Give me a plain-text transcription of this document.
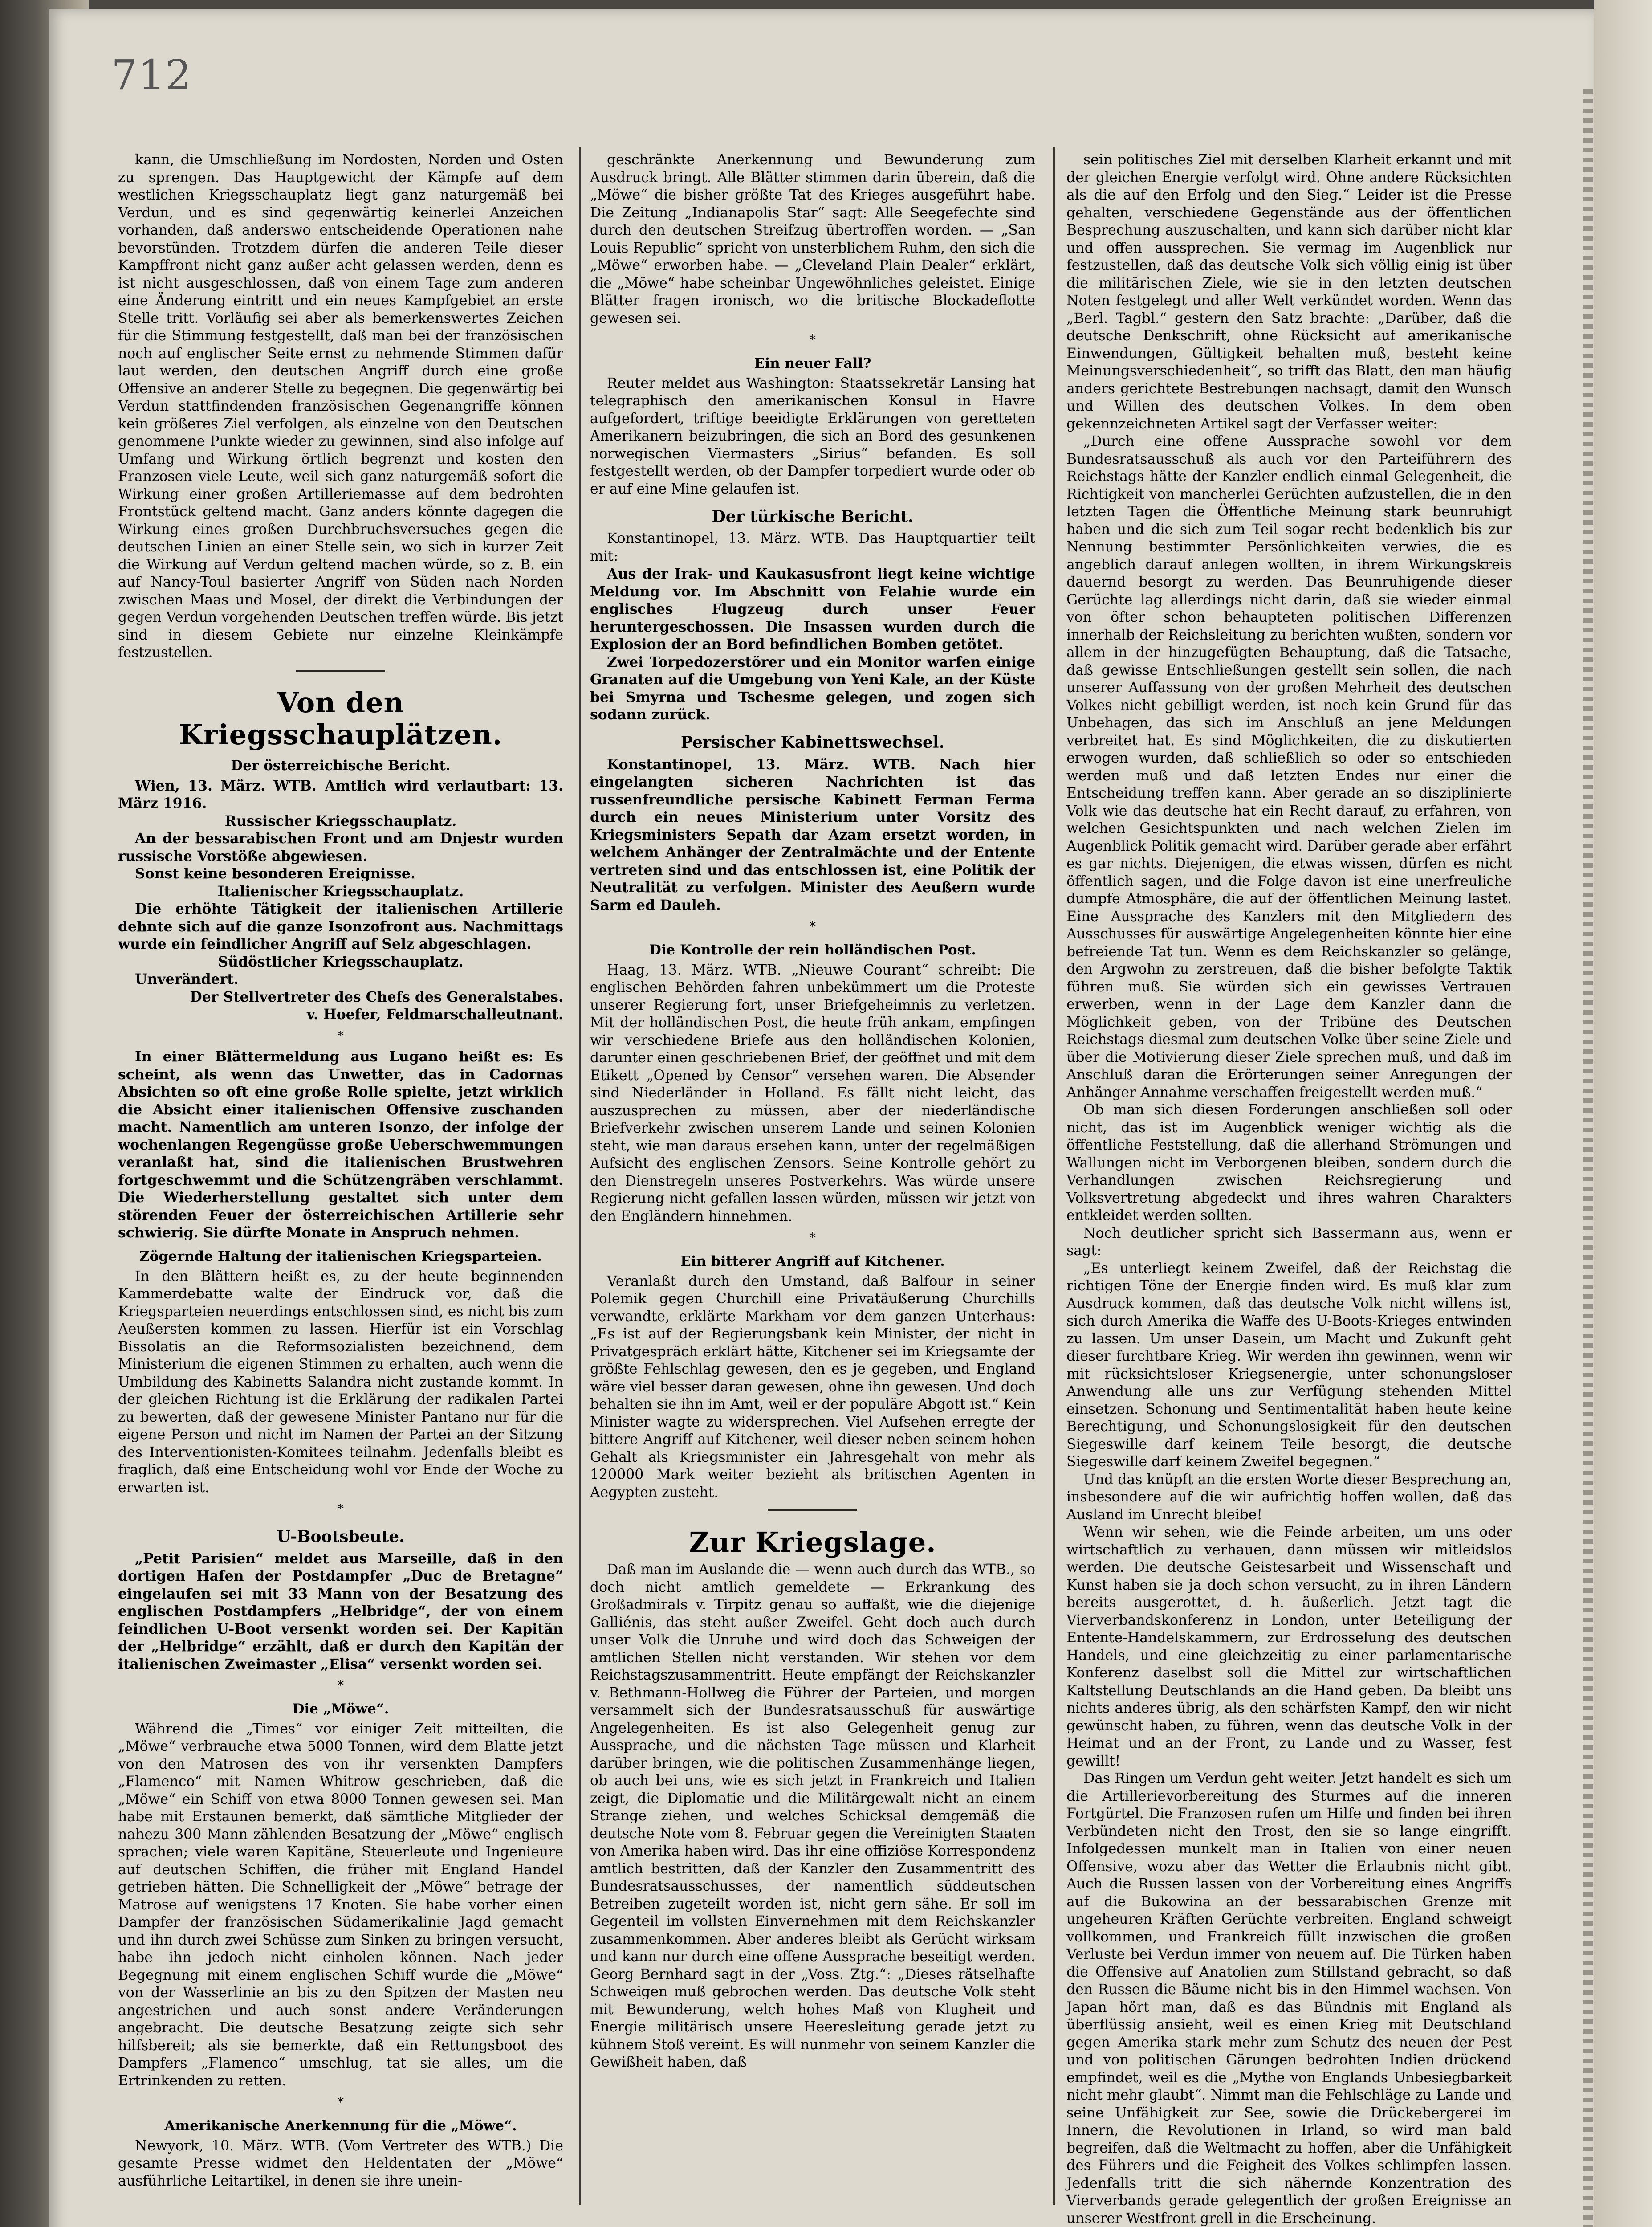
712

kann, die Umschließung im Nordosten, Norden und Osten zu sprengen. Das Hauptgewicht der Kämpfe auf dem westlichen Kriegsschauplatz liegt ganz naturgemäß bei Verdun, und es sind gegenwärtig keinerlei Anzeichen vorhanden, daß anderswo entscheidende Operationen nahe bevorstünden. Trotzdem dürfen die anderen Teile dieser Kampffront nicht ganz außer acht gelassen werden, denn es ist nicht ausgeschlossen, daß von einem Tage zum anderen eine Änderung eintritt und ein neues Kampfgebiet an erste Stelle tritt. Vorläufig sei aber als bemerkenswertes Zeichen für die Stimmung festgestellt, daß man bei der französischen noch auf englischer Seite ernst zu nehmende Stimmen dafür laut werden, den deutschen Angriff durch eine große Offensive an anderer Stelle zu begegnen. Die gegenwärtig bei Verdun stattfindenden französischen Gegenangriffe können kein größeres Ziel verfolgen, als einzelne von den Deutschen genommene Punkte wieder zu gewinnen, sind also infolge auf Umfang und Wirkung örtlich begrenzt und kosten den Franzosen viele Leute, weil sich ganz naturgemäß sofort die Wirkung einer großen Artilleriemasse auf dem bedrohten Frontstück geltend macht. Ganz anders könnte dagegen die Wirkung eines großen Durchbruchsversuches gegen die deutschen Linien an einer Stelle sein, wo sich in kurzer Zeit die Wirkung auf Verdun geltend machen würde, so z. B. ein auf Nancy-Toul basierter Angriff von Süden nach Norden zwischen Maas und Mosel, der direkt die Verbindungen der gegen Verdun vorgehenden Deutschen treffen würde. Bis jetzt sind in diesem Gebiete nur einzelne Kleinkämpfe festzustellen.

Von den Kriegsschauplätzen.
Der österreichische Bericht.

Wien, 13. März. WTB. Amtlich wird verlautbart: 13. März 1916.

Russischer Kriegsschauplatz.

An der bessarabischen Front und am Dnjestr wurden russische Vorstöße abgewiesen.

Sonst keine besonderen Ereignisse.

Italienischer Kriegsschauplatz.

Die erhöhte Tätigkeit der italienischen Artillerie dehnte sich auf die ganze Isonzofront aus. Nachmittags wurde ein feindlicher Angriff auf Selz abgeschlagen.

Südöstlicher Kriegsschauplatz.

Unverändert.

Der Stellvertreter des Chefs des Generalstabes.

v. Hoefer, Feldmarschalleutnant.

*

In einer Blättermeldung aus Lugano heißt es: Es scheint, als wenn das Unwetter, das in Cadornas Absichten so oft eine große Rolle spielte, jetzt wirklich die Absicht einer italienischen Offensive zuschanden macht. Namentlich am unteren Isonzo, der infolge der wochenlangen Regengüsse große Ueberschwemmungen veranlaßt hat, sind die italienischen Brustwehren fortgeschwemmt und die Schützengräben verschlammt. Die Wiederherstellung gestaltet sich unter dem störenden Feuer der österreichischen Artillerie sehr schwierig. Sie dürfte Monate in Anspruch nehmen.

Zögernde Haltung der italienischen Kriegsparteien.

In den Blättern heißt es, zu der heute beginnenden Kammerdebatte walte der Eindruck vor, daß die Kriegsparteien neuerdings entschlossen sind, es nicht bis zum Aeußersten kommen zu lassen. Hierfür ist ein Vorschlag Bissolatis an die Reformsozialisten bezeichnend, dem Ministerium die eigenen Stimmen zu erhalten, auch wenn die Umbildung des Kabinetts Salandra nicht zustande kommt. In der gleichen Richtung ist die Erklärung der radikalen Partei zu bewerten, daß der gewesene Minister Pantano nur für die eigene Person und nicht im Namen der Partei an der Sitzung des Interventionisten-Komitees teilnahm. Jedenfalls bleibt es fraglich, daß eine Entscheidung wohl vor Ende der Woche zu erwarten ist.

*
U-Bootsbeute.

„Petit Parisien“ meldet aus Marseille, daß in den dortigen Hafen der Postdampfer „Duc de Bretagne“ eingelaufen sei mit 33 Mann von der Besatzung des englischen Postdampfers „Helbridge“, der von einem feindlichen U-Boot versenkt worden sei. Der Kapitän der „Helbridge“ erzählt, daß er durch den Kapitän der italienischen Zweimaster „Elisa“ versenkt worden sei.

*
Die „Möwe“.

Während die „Times“ vor einiger Zeit mitteilten, die „Möwe“ verbrauche etwa 5000 Tonnen, wird dem Blatte jetzt von den Matrosen des von ihr versenkten Dampfers „Flamenco“ mit Namen Whitrow geschrieben, daß die „Möwe“ ein Schiff von etwa 8000 Tonnen gewesen sei. Man habe mit Erstaunen bemerkt, daß sämtliche Mitglieder der nahezu 300 Mann zählenden Besatzung der „Möwe“ englisch sprachen; viele waren Kapitäne, Steuerleute und Ingenieure auf deutschen Schiffen, die früher mit England Handel getrieben hätten. Die Schnelligkeit der „Möwe“ betrage der Matrose auf wenigstens 17 Knoten. Sie habe vorher einen Dampfer der französischen Südamerikalinie Jagd gemacht und ihn durch zwei Schüsse zum Sinken zu bringen versucht, habe ihn jedoch nicht einholen können. Nach jeder Begegnung mit einem englischen Schiff wurde die „Möwe“ von der Wasserlinie an bis zu den Spitzen der Masten neu angestrichen und auch sonst andere Veränderungen angebracht. Die deutsche Besatzung zeigte sich sehr hilfsbereit; als sie bemerkte, daß ein Rettungsboot des Dampfers „Flamenco“ umschlug, tat sie alles, um die Ertrinkenden zu retten.

*
Amerikanische Anerkennung für die „Möwe“.

Newyork, 10. März. WTB. (Vom Vertreter des WTB.) Die gesamte Presse widmet den Heldentaten der „Möwe“ ausführliche Leitartikel, in denen sie ihre unein-

geschränkte Anerkennung und Bewunderung zum Ausdruck bringt. Alle Blätter stimmen darin überein, daß die „Möwe“ die bisher größte Tat des Krieges ausgeführt habe. Die Zeitung „Indianapolis Star“ sagt: Alle Seegefechte sind durch den deutschen Streifzug übertroffen worden. — „San Louis Republic“ spricht von unsterblichem Ruhm, den sich die „Möwe“ erworben habe. — „Cleveland Plain Dealer“ erklärt, die „Möwe“ habe scheinbar Ungewöhnliches geleistet. Einige Blätter fragen ironisch, wo die britische Blockadeflotte gewesen sei.

*
Ein neuer Fall?

Reuter meldet aus Washington: Staatssekretär Lansing hat telegraphisch den amerikanischen Konsul in Havre aufgefordert, triftige beeidigte Erklärungen von geretteten Amerikanern beizubringen, die sich an Bord des gesunkenen norwegischen Viermasters „Sirius“ befanden. Es soll festgestellt werden, ob der Dampfer torpediert wurde oder ob er auf eine Mine gelaufen ist.

Der türkische Bericht.

Konstantinopel, 13. März. WTB. Das Hauptquartier teilt mit:

Aus der Irak- und Kaukasusfront liegt keine wichtige Meldung vor. Im Abschnitt von Felahie wurde ein englisches Flugzeug durch unser Feuer heruntergeschossen. Die Insassen wurden durch die Explosion der an Bord befindlichen Bomben getötet.

Zwei Torpedozerstörer und ein Monitor warfen einige Granaten auf die Umgebung von Yeni Kale, an der Küste bei Smyrna und Tschesme gelegen, und zogen sich sodann zurück.

Persischer Kabinettswechsel.

Konstantinopel, 13. März. WTB. Nach hier eingelangten sicheren Nachrichten ist das russenfreundliche persische Kabinett Ferman Ferma durch ein neues Ministerium unter Vorsitz des Kriegsministers Sepath dar Azam ersetzt worden, in welchem Anhänger der Zentralmächte und der Entente vertreten sind und das entschlossen ist, eine Politik der Neutralität zu verfolgen. Minister des Aeußern wurde Sarm ed Dauleh.

*
Die Kontrolle der rein holländischen Post.

Haag, 13. März. WTB. „Nieuwe Courant“ schreibt: Die englischen Behörden fahren unbekümmert um die Proteste unserer Regierung fort, unser Briefgeheimnis zu verletzen. Mit der holländischen Post, die heute früh ankam, empfingen wir verschiedene Briefe aus den holländischen Kolonien, darunter einen geschriebenen Brief, der geöffnet und mit dem Etikett „Opened by Censor“ versehen waren. Die Absender sind Niederländer in Holland. Es fällt nicht leicht, das auszusprechen zu müssen, aber der niederländische Briefverkehr zwischen unserem Lande und seinen Kolonien steht, wie man daraus ersehen kann, unter der regelmäßigen Aufsicht des englischen Zensors. Seine Kontrolle gehört zu den Dienstregeln unseres Postverkehrs. Was würde unsere Regierung nicht gefallen lassen würden, müssen wir jetzt von den Engländern hinnehmen.

*
Ein bitterer Angriff auf Kitchener.

Veranlaßt durch den Umstand, daß Balfour in seiner Polemik gegen Churchill eine Privatäußerung Churchills verwandte, erklärte Markham vor dem ganzen Unterhaus: „Es ist auf der Regierungsbank kein Minister, der nicht in Privatgespräch erklärt hätte, Kitchener sei im Kriegsamte der größte Fehlschlag gewesen, den es je gegeben, und England wäre viel besser daran gewesen, ohne ihn gewesen. Und doch behalten sie ihn im Amt, weil er der populäre Abgott ist.“ Kein Minister wagte zu widersprechen. Viel Aufsehen erregte der bittere Angriff auf Kitchener, weil dieser neben seinem hohen Gehalt als Kriegsminister ein Jahresgehalt von mehr als 120000 Mark weiter bezieht als britischen Agenten in Aegypten zusteht.

Zur Kriegslage.

Daß man im Auslande die — wenn auch durch das WTB., so doch nicht amtlich gemeldete — Erkrankung des Großadmirals v. Tirpitz genau so auffaßt, wie die diejenige Galliénis, das steht außer Zweifel. Geht doch auch durch unser Volk die Unruhe und wird doch das Schweigen der amtlichen Stellen nicht verstanden. Wir stehen vor dem Reichstagszusammentritt. Heute empfängt der Reichskanzler v. Bethmann-Hollweg die Führer der Parteien, und morgen versammelt sich der Bundesratsausschuß für auswärtige Angelegenheiten. Es ist also Gelegenheit genug zur Aussprache, und die nächsten Tage müssen und Klarheit darüber bringen, wie die politischen Zusammenhänge liegen, ob auch bei uns, wie es sich jetzt in Frankreich und Italien zeigt, die Diplomatie und die Militärgewalt nicht an einem Strange ziehen, und welches Schicksal demgemäß die deutsche Note vom 8. Februar gegen die Vereinigten Staaten von Amerika haben wird. Das ihr eine offiziöse Korrespondenz amtlich bestritten, daß der Kanzler den Zusammentritt des Bundesratsausschusses, der namentlich süddeutschen Betreiben zugeteilt worden ist, nicht gern sähe. Er soll im Gegenteil im vollsten Einvernehmen mit dem Reichskanzler zusammenkommen. Aber anderes bleibt als Gerücht wirksam und kann nur durch eine offene Aussprache beseitigt werden. Georg Bernhard sagt in der „Voss. Ztg.“: „Dieses rätselhafte Schweigen muß gebrochen werden. Das deutsche Volk steht mit Bewunderung, welch hohes Maß von Klugheit und Energie militärisch unsere Heeresleitung gerade jetzt zu kühnem Stoß vereint. Es will nunmehr von seinem Kanzler die Gewißheit haben, daß

sein politisches Ziel mit derselben Klarheit erkannt und mit der gleichen Energie verfolgt wird. Ohne andere Rücksichten als die auf den Erfolg und den Sieg.“ Leider ist die Presse gehalten, verschiedene Gegenstände aus der öffentlichen Besprechung auszuschalten, und kann sich darüber nicht klar und offen aussprechen. Sie vermag im Augenblick nur festzustellen, daß das deutsche Volk sich völlig einig ist über die militärischen Ziele, wie sie in den letzten deutschen Noten festgelegt und aller Welt verkündet worden. Wenn das „Berl. Tagbl.“ gestern den Satz brachte: „Darüber, daß die deutsche Denkschrift, ohne Rücksicht auf amerikanische Einwendungen, Gültigkeit behalten muß, besteht keine Meinungsverschiedenheit“, so trifft das Blatt, den man häufig anders gerichtete Bestrebungen nachsagt, damit den Wunsch und Willen des deutschen Volkes. In dem oben gekennzeichneten Artikel sagt der Verfasser weiter:

„Durch eine offene Aussprache sowohl vor dem Bundesratsausschuß als auch vor den Parteiführern des Reichstags hätte der Kanzler endlich einmal Gelegenheit, die Richtigkeit von mancherlei Gerüchten aufzustellen, die in den letzten Tagen die Öffentliche Meinung stark beunruhigt haben und die sich zum Teil sogar recht bedenklich bis zur Nennung bestimmter Persönlichkeiten verwies, die es angeblich darauf anlegen wollten, in ihrem Wirkungskreis dauernd besorgt zu werden. Das Beunruhigende dieser Gerüchte lag allerdings nicht darin, daß sie wieder einmal von öfter schon behaupteten politischen Differenzen innerhalb der Reichsleitung zu berichten wußten, sondern vor allem in der hinzugefügten Behauptung, daß die Tatsache, daß gewisse Entschließungen gestellt sein sollen, die nach unserer Auffassung von der großen Mehrheit des deutschen Volkes nicht gebilligt werden, ist noch kein Grund für das Unbehagen, das sich im Anschluß an jene Meldungen verbreitet hat. Es sind Möglichkeiten, die zu diskutierten erwogen wurden, daß schließlich so oder so entschieden werden muß und daß letzten Endes nur einer die Entscheidung treffen kann. Aber gerade an so disziplinierte Volk wie das deutsche hat ein Recht darauf, zu erfahren, von welchen Gesichtspunkten und nach welchen Zielen im Augenblick Politik gemacht wird. Darüber gerade aber erfährt es gar nichts. Diejenigen, die etwas wissen, dürfen es nicht öffentlich sagen, und die Folge davon ist eine unerfreuliche dumpfe Atmosphäre, die auf der öffentlichen Meinung lastet. Eine Aussprache des Kanzlers mit den Mitgliedern des Ausschusses für auswärtige Angelegenheiten könnte hier eine befreiende Tat tun. Wenn es dem Reichskanzler so gelänge, den Argwohn zu zerstreuen, daß die bisher befolgte Taktik führen muß. Sie würden sich ein gewisses Vertrauen erwerben, wenn in der Lage dem Kanzler dann die Möglichkeit geben, von der Tribüne des Deutschen Reichstags diesmal zum deutschen Volke über seine Ziele und über die Motivierung dieser Ziele sprechen muß, und daß im Anschluß daran die Erörterungen seiner Anregungen der Anhänger Annahme verschaffen freigestellt werden muß.“

Ob man sich diesen Forderungen anschließen soll oder nicht, das ist im Augenblick weniger wichtig als die öffentliche Feststellung, daß die allerhand Strömungen und Wallungen nicht im Verborgenen bleiben, sondern durch die Verhandlungen zwischen Reichsregierung und Volksvertretung abgedeckt und ihres wahren Charakters entkleidet werden sollten.

Noch deutlicher spricht sich Bassermann aus, wenn er sagt:

„Es unterliegt keinem Zweifel, daß der Reichstag die richtigen Töne der Energie finden wird. Es muß klar zum Ausdruck kommen, daß das deutsche Volk nicht willens ist, sich durch Amerika die Waffe des U-Boots-Krieges entwinden zu lassen. Um unser Dasein, um Macht und Zukunft geht dieser furchtbare Krieg. Wir werden ihn gewinnen, wenn wir mit rücksichtsloser Kriegsenergie, unter schonungsloser Anwendung alle uns zur Verfügung stehenden Mittel einsetzen. Schonung und Sentimentalität haben heute keine Berechtigung, und Schonungslosigkeit für den deutschen Siegeswille darf keinem Teile besorgt, die deutsche Siegeswille darf keinem Zweifel begegnen.“

Und das knüpft an die ersten Worte dieser Besprechung an, insbesondere auf die wir aufrichtig hoffen wollen, daß das Ausland im Unrecht bleibe!

Wenn wir sehen, wie die Feinde arbeiten, um uns oder wirtschaftlich zu verhauen, dann müssen wir mitleidslos werden. Die deutsche Geistesarbeit und Wissenschaft und Kunst haben sie ja doch schon versucht, zu in ihren Ländern bereits ausgerottet, d. h. äußerlich. Jetzt tagt die Vierverbandskonferenz in London, unter Beteiligung der Entente-Handelskammern, zur Erdrosselung des deutschen Handels, und eine gleichzeitig zu einer parlamentarische Konferenz daselbst soll die Mittel zur wirtschaftlichen Kaltstellung Deutschlands an die Hand geben. Da bleibt uns nichts anderes übrig, als den schärfsten Kampf, den wir nicht gewünscht haben, zu führen, wenn das deutsche Volk in der Heimat und an der Front, zu Lande und zu Wasser, fest gewillt!

Das Ringen um Verdun geht weiter. Jetzt handelt es sich um die Artillerievorbereitung des Sturmes auf die inneren Fortgürtel. Die Franzosen rufen um Hilfe und finden bei ihren Verbündeten nicht den Trost, den sie so lange eingrifft. Infolgedessen munkelt man in Italien von einer neuen Offensive, wozu aber das Wetter die Erlaubnis nicht gibt. Auch die Russen lassen von der Vorbereitung eines Angriffs auf die Bukowina an der bessarabischen Grenze mit ungeheuren Kräften Gerüchte verbreiten. England schweigt vollkommen, und Frankreich füllt inzwischen die großen Verluste bei Verdun immer von neuem auf. Die Türken haben die Offensive auf Anatolien zum Stillstand gebracht, so daß den Russen die Bäume nicht bis in den Himmel wachsen. Von Japan hört man, daß es das Bündnis mit England als überflüssig ansieht, weil es einen Krieg mit Deutschland gegen Amerika stark mehr zum Schutz des neuen der Pest und von politischen Gärungen bedrohten Indien drückend empfindet, weil es die „Mythe von Englands Unbesiegbarkeit nicht mehr glaubt“. Nimmt man die Fehlschläge zu Lande und seine Unfähigkeit zur See, sowie die Drückebergerei im Innern, die Revolutionen in Irland, so wird man bald begreifen, daß die Weltmacht zu hoffen, aber die Unfähigkeit des Führers und die Feigheit des Volkes schlimpfen lassen. Jedenfalls tritt die sich nähernde Konzentration des Vierverbands gerade gelegentlich der großen Ereignisse an unserer Westfront grell in die Erscheinung.
